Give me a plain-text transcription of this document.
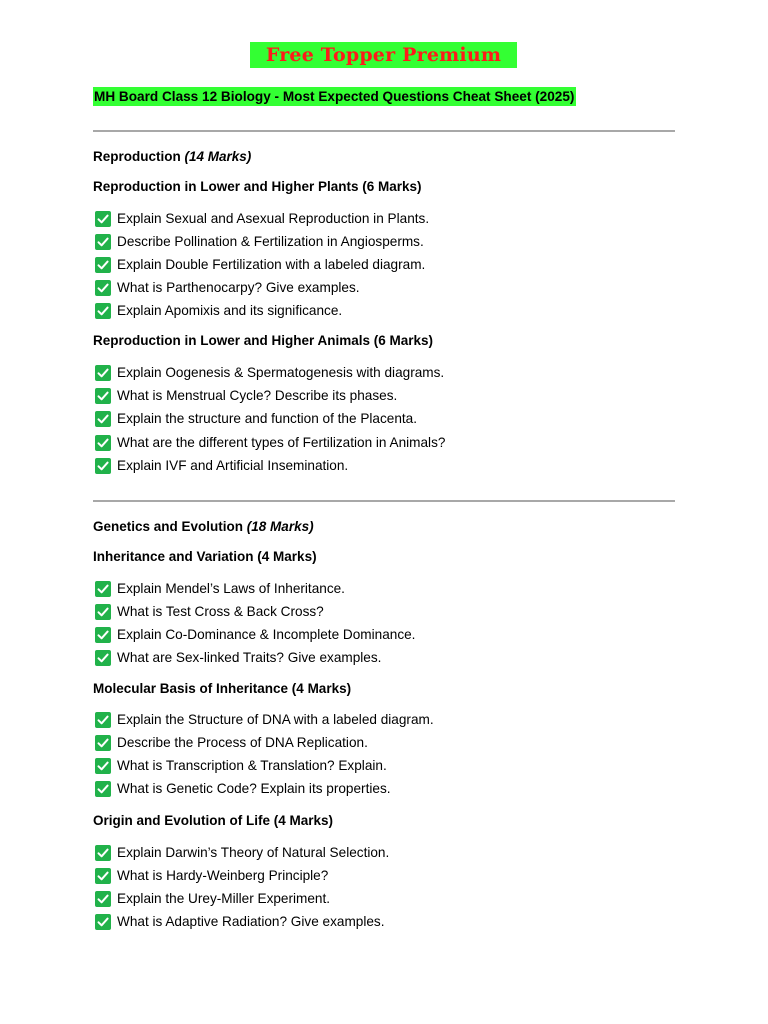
Free Topper Premium
MH Board Class 12 Biology - Most Expected Questions Cheat Sheet (2025)
Reproduction (14 Marks)
Reproduction in Lower and Higher Plants (6 Marks)
Explain Sexual and Asexual Reproduction in Plants.
Describe Pollination & Fertilization in Angiosperms.
Explain Double Fertilization with a labeled diagram.
What is Parthenocarpy? Give examples.
Explain Apomixis and its significance.
Reproduction in Lower and Higher Animals (6 Marks)
Explain Oogenesis & Spermatogenesis with diagrams.
What is Menstrual Cycle? Describe its phases.
Explain the structure and function of the Placenta.
What are the different types of Fertilization in Animals?
Explain IVF and Artificial Insemination.
Genetics and Evolution (18 Marks)
Inheritance and Variation (4 Marks)
Explain Mendel’s Laws of Inheritance.
What is Test Cross & Back Cross?
Explain Co-Dominance & Incomplete Dominance.
What are Sex-linked Traits? Give examples.
Molecular Basis of Inheritance (4 Marks)
Explain the Structure of DNA with a labeled diagram.
Describe the Process of DNA Replication.
What is Transcription & Translation? Explain.
What is Genetic Code? Explain its properties.
Origin and Evolution of Life (4 Marks)
Explain Darwin’s Theory of Natural Selection.
What is Hardy-Weinberg Principle?
Explain the Urey-Miller Experiment.
What is Adaptive Radiation? Give examples.
